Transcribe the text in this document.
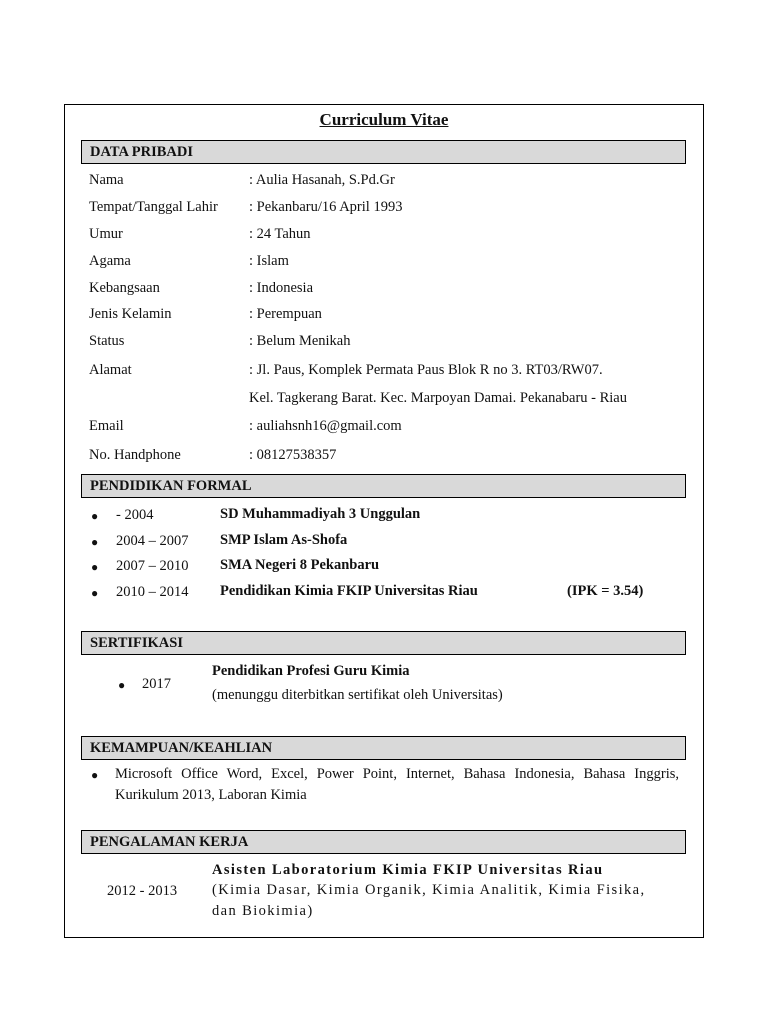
Curriculum Vitae
DATA PRIBADI
Nama	: Aulia Hasanah, S.Pd.Gr
Tempat/Tanggal Lahir : Pekanbaru/16 April 1993
Umur	: 24 Tahun
Agama	: Islam
Kebangsaan	: Indonesia
Jenis Kelamin	: Perempuan
Status	: Belum Menikah
Alamat	: Jl. Paus, Komplek Permata Paus Blok R no 3. RT03/RW07.
Kel. Tagkerang Barat. Kec. Marpoyan Damai. Pekanabaru - Riau
Email	: auliahsnh16@gmail.com
No. Handphone	: 08127538357
PENDIDIKAN FORMAL
● - 2004	SD Muhammadiyah 3 Unggulan
● 2004 – 2007 SMP Islam As-Shofa
● 2007 – 2010 SMA Negeri 8 Pekanbaru
● 2010 – 2014 Pendidikan Kimia FKIP Universitas Riau	(IPK = 3.54)
SERTIFIKASI
● 2017
Pendidikan Profesi Guru Kimia
(menunggu diterbitkan sertifikat oleh Universitas)
KEMAMPUAN/KEAHLIAN
● Microsoft Office Word, Excel, Power Point, Internet, Bahasa Indonesia, Bahasa Inggris, Kurikulum 2013, Laboran Kimia
PENGALAMAN KERJA
2012 - 2013
Asisten Laboratorium Kimia FKIP Universitas Riau
(Kimia Dasar, Kimia Organik, Kimia Analitik, Kimia Fisika,
dan Biokimia)
